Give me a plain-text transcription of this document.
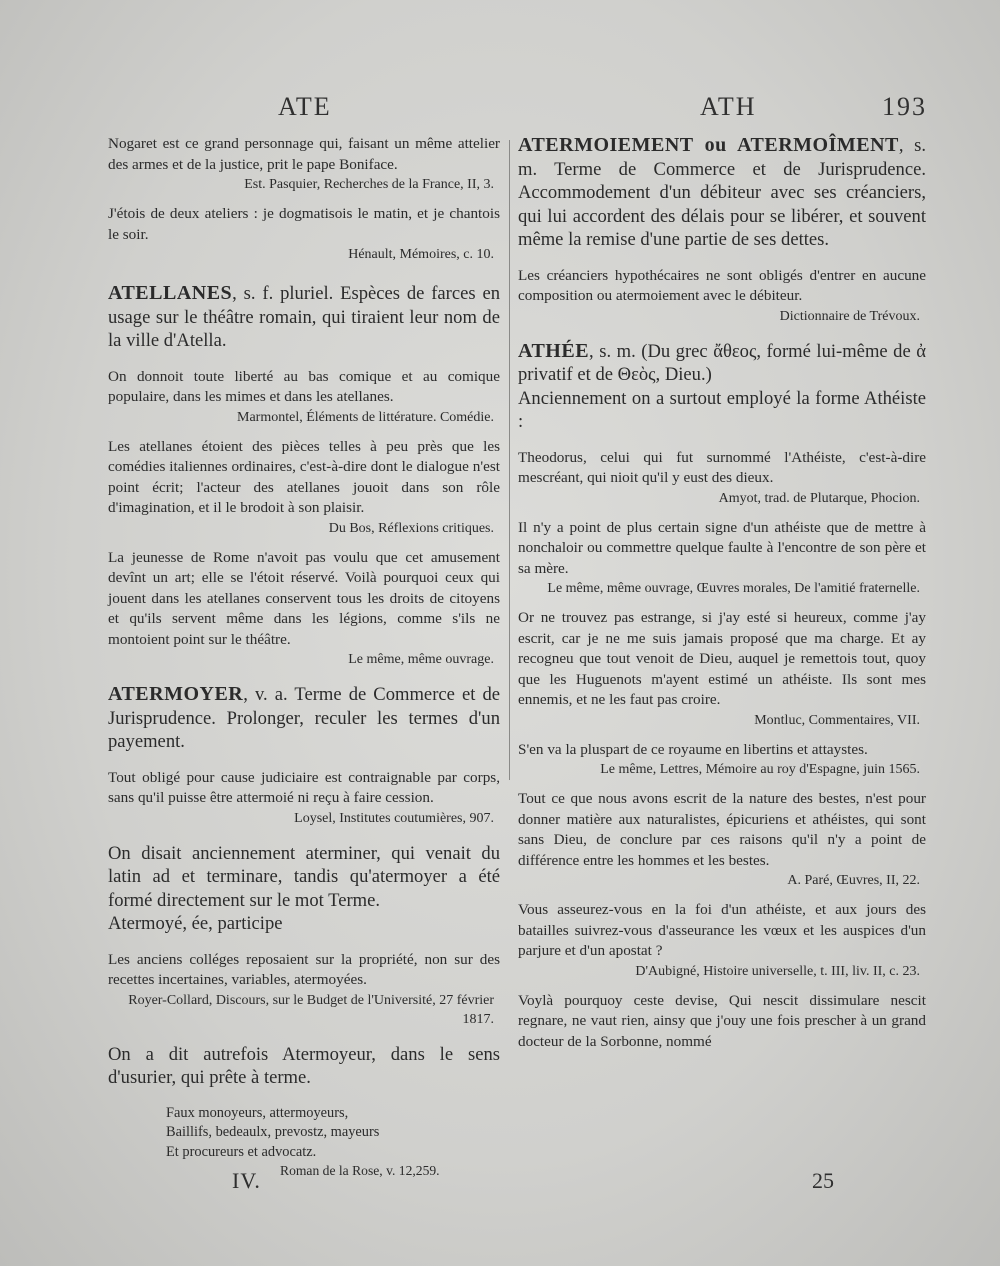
ATE	ATH	193

Nogaret est ce grand personnage qui, faisant un même attelier des armes et de la justice, prit le pape Boniface.

Est. Pasquier, Recherches de la France, II, 3.

J'étois de deux ateliers : je dogmatisois le matin, et je chantois le soir.

Hénault, Mémoires, c. 10.

ATELLANES, s. f. pluriel. Espèces de farces en usage sur le théâtre romain, qui tiraient leur nom de la ville d'Atella.

On donnoit toute liberté au bas comique et au comique populaire, dans les mimes et dans les atellanes.

Marmontel, Éléments de littérature. Comédie.

Les atellanes étoient des pièces telles à peu près que les comédies italiennes ordinaires, c'est-à-dire dont le dialogue n'est point écrit; l'acteur des atellanes jouoit dans son rôle d'imagination, et il le brodoit à son plaisir.

Du Bos, Réflexions critiques.

La jeunesse de Rome n'avoit pas voulu que cet amusement devînt un art; elle se l'étoit réservé. Voilà pourquoi ceux qui jouent dans les atellanes conservent tous les droits de citoyens et qu'ils servent même dans les légions, comme s'ils ne montoient point sur le théâtre.

Le même, même ouvrage.

ATERMOYER, v. a. Terme de Commerce et de Jurisprudence. Prolonger, reculer les termes d'un payement.

Tout obligé pour cause judiciaire est contraignable par corps, sans qu'il puisse être attermoié ni reçu à faire cession.

Loysel, Institutes coutumières, 907.

On disait anciennement aterminer, qui venait du latin ad et terminare, tandis qu'atermoyer a été formé directement sur le mot Terme.

Atermoyé, ée, participe

Les anciens colléges reposaient sur la propriété, non sur des recettes incertaines, variables, atermoyées.

Royer-Collard, Discours, sur le Budget de l'Université, 27 février 1817.

On a dit autrefois Atermoyeur, dans le sens d'usurier, qui prête à terme.

Faux monoyeurs, attermoyeurs,

Baillifs, bedeaulx, prevostz, mayeurs

Et procureurs et advocatz.

Roman de la Rose, v. 12,259.

ATERMOIEMENT ou ATERMOÎMENT, s. m. Terme de Commerce et de Jurisprudence. Accommodement d'un débiteur avec ses créanciers, qui lui accordent des délais pour se libérer, et souvent même la remise d'une partie de ses dettes.

Les créanciers hypothécaires ne sont obligés d'entrer en aucune composition ou atermoiement avec le débiteur.

Dictionnaire de Trévoux.

ATHÉE, s. m. (Du grec ἄθεος, formé lui-même de ἀ privatif et de Θεὸς, Dieu.)

Anciennement on a surtout employé la forme Athéiste :

Theodorus, celui qui fut surnommé l'Athéiste, c'est-à-dire mescréant, qui nioit qu'il y eust des dieux.

Amyot, trad. de Plutarque, Phocion.

Il n'y a point de plus certain signe d'un athéiste que de mettre à nonchaloir ou commettre quelque faulte à l'encontre de son père et sa mère.

Le même, même ouvrage, Œuvres morales, De l'amitié fraternelle.

Or ne trouvez pas estrange, si j'ay esté si heureux, comme j'ay escrit, car je ne me suis jamais proposé que ma charge. Et ay recogneu que tout venoit de Dieu, auquel je remettois tout, quoy que les Huguenots m'ayent estimé un athéiste. Ils sont mes ennemis, et ne les faut pas croire.

Montluc, Commentaires, VII.

S'en va la pluspart de ce royaume en libertins et attaystes.

Le même, Lettres, Mémoire au roy d'Espagne, juin 1565.

Tout ce que nous avons escrit de la nature des bestes, n'est pour donner matière aux naturalistes, épicuriens et athéistes, qui sont sans Dieu, de conclure par ces raisons qu'il n'y a point de différence entre les hommes et les bestes.

A. Paré, Œuvres, II, 22.

Vous asseurez-vous en la foi d'un athéiste, et aux jours des batailles suivrez-vous d'asseurance les vœux et les auspices d'un parjure et d'un apostat ?

D'Aubigné, Histoire universelle, t. III, liv. II, c. 23.

Voylà pourquoy ceste devise, Qui nescit dissimulare nescit regnare, ne vaut rien, ainsy que j'ouy une fois prescher à un grand docteur de la Sorbonne, nommé

IV.	25
